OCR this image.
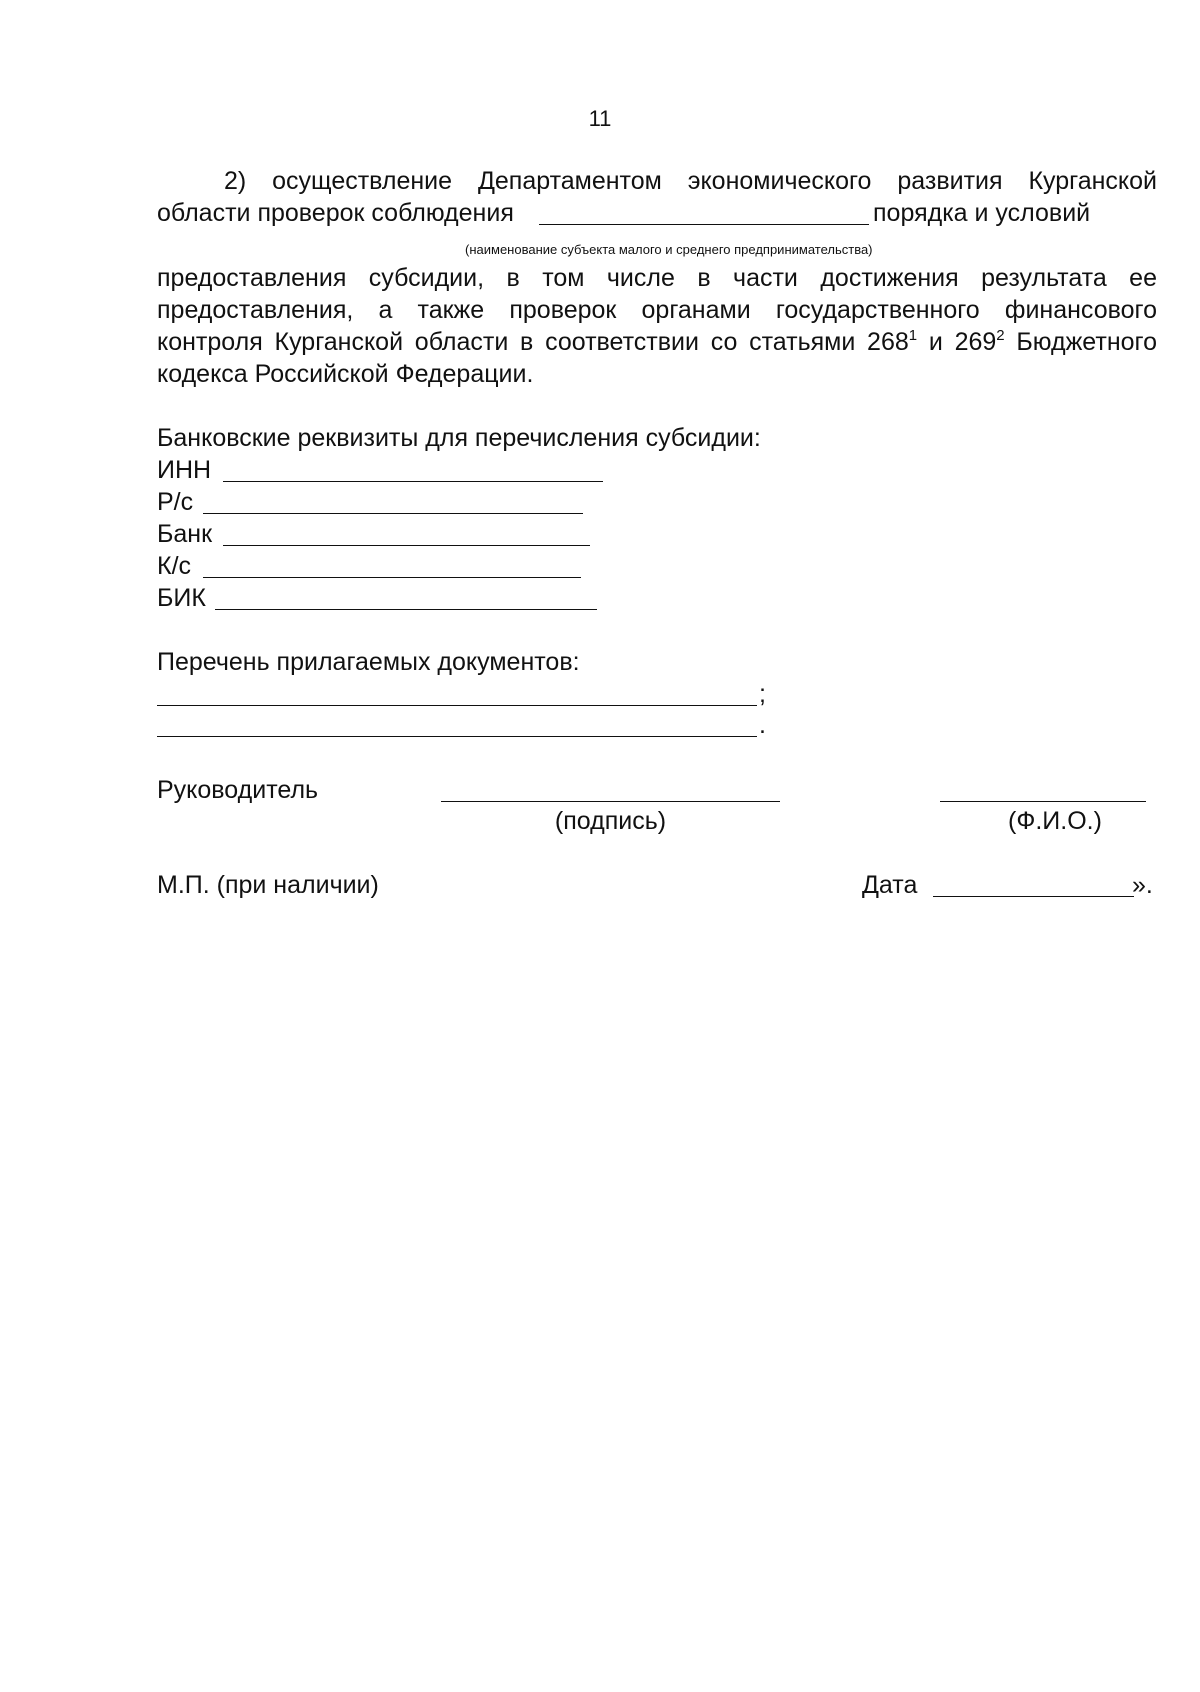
11
2) осуществление Департаментом экономического развития Курганской
области проверок соблюдения	порядка и условий
(наименование субъекта малого и среднего предпринимательства)
предоставления субсидии, в том числе в части достижения результата ее
предоставления, а также проверок органами государственного финансового
контроля Курганской области в соответствии со статьями $268^1$ и $269^2$ Бюджетного
кодекса Российской Федерации.
Банковские реквизиты для перечисления субсидии:
ИНН
Р/с
Банк
К/с
БИК
Перечень прилагаемых документов:
;
.
Руководитель
(подпись)	(Ф.И.О.)
М.П. (при наличии)	Дата	».
